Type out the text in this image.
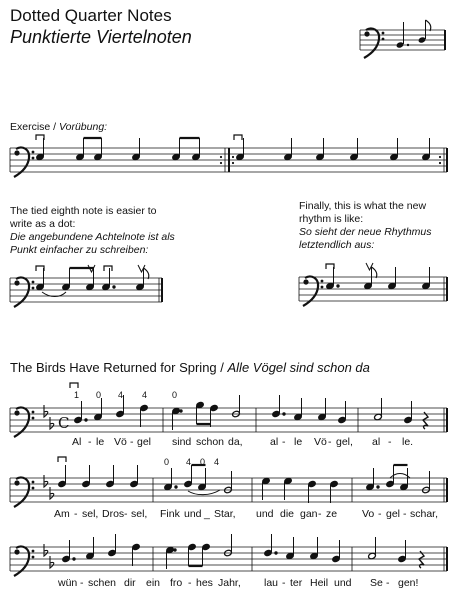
Dotted Quarter Notes
Punktierte Viertelnoten
Exercise / Vorübung:
The tied eighth note is easier to
write as a dot:
Die angebundene Achtelnote ist als
Punkt einfacher zu schreiben:
Finally, this is what the new
rhythm is like:
So sieht der neue Rhythmus
letztendlich aus:
The Birds Have Returned for Spring / Alle Vögel sind schon da
C
1 0 4 4	0
0 4 0 4
Al - le Vö - gel sind schon da,	al - le Vö - gel, al - le.
Am - sel, Dros - sel, Fink und _ Star, und die gan - ze Vo - gel - schar,
wün - schen dir ein fro - hes Jahr, lau - ter Heil und Se - gen!
